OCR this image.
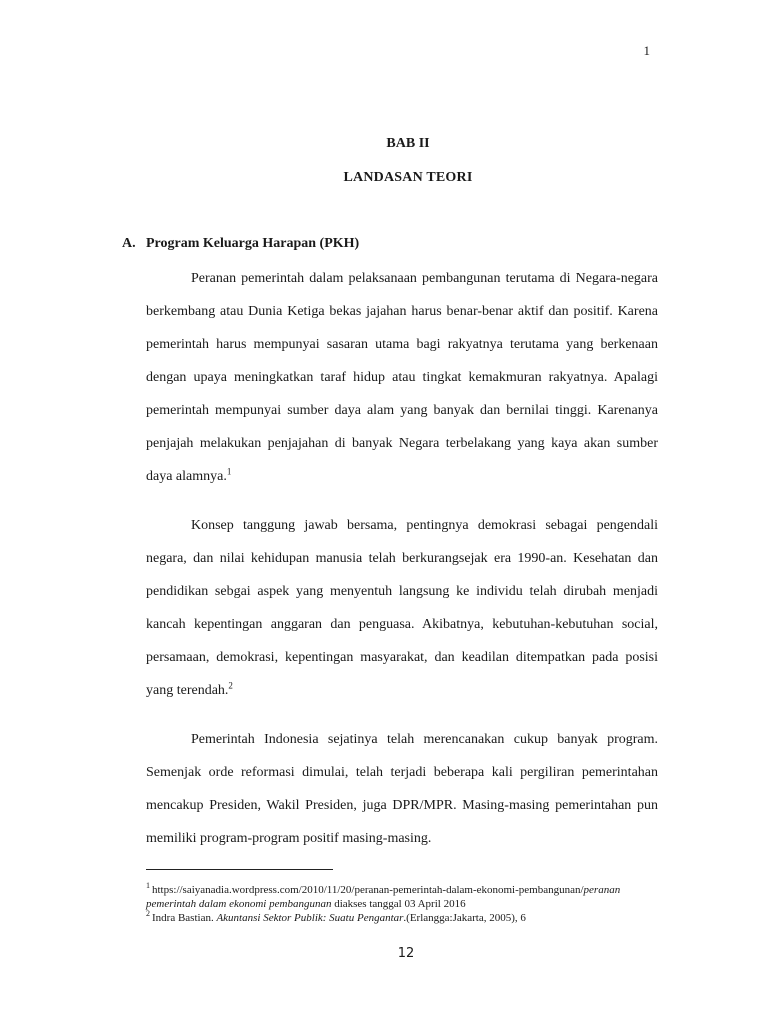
1
BAB II
LANDASAN TEORI
A. Program Keluarga Harapan (PKH)

Peranan pemerintah dalam pelaksanaan pembangunan terutama di Negara-negara berkembang atau Dunia Ketiga bekas jajahan harus benar-benar aktif dan positif. Karena pemerintah harus mempunyai sasaran utama bagi rakyatnya terutama yang berkenaan dengan upaya meningkatkan taraf hidup atau tingkat kemakmuran rakyatnya. Apalagi pemerintah mempunyai sumber daya alam yang banyak dan bernilai tinggi. Karenanya penjajah melakukan penjajahan di banyak Negara terbelakang yang kaya akan sumber daya alamnya.$^1$

Konsep tanggung jawab bersama, pentingnya demokrasi sebagai pengendali negara, dan nilai kehidupan manusia telah berkurangsejak era 1990-an. Kesehatan dan pendidikan sebgai aspek yang menyentuh langsung ke individu telah dirubah menjadi kancah kepentingan anggaran dan penguasa. Akibatnya, kebutuhan-kebutuhan social, persamaan, demokrasi, kepentingan masyarakat, dan keadilan ditempatkan pada posisi yang terendah.$^2$

Pemerintah Indonesia sejatinya telah merencanakan cukup banyak program. Semenjak orde reformasi dimulai, telah terjadi beberapa kali pergiliran pemerintahan mencakup Presiden, Wakil Presiden, juga DPR/MPR. Masing-masing pemerintahan pun memiliki program-program positif masing-masing.

$^1$ https://saiyanadia.wordpress.com/2010/11/20/peranan-pemerintah-dalam-ekonomi-pembangunan/peranan pemerintah dalam ekonomi pembangunan diakses tanggal 03 April 2016

$^2$ Indra Bastian. Akuntansi Sektor Publik: Suatu Pengantar.(Erlangga:Jakarta, 2005), 6

12
